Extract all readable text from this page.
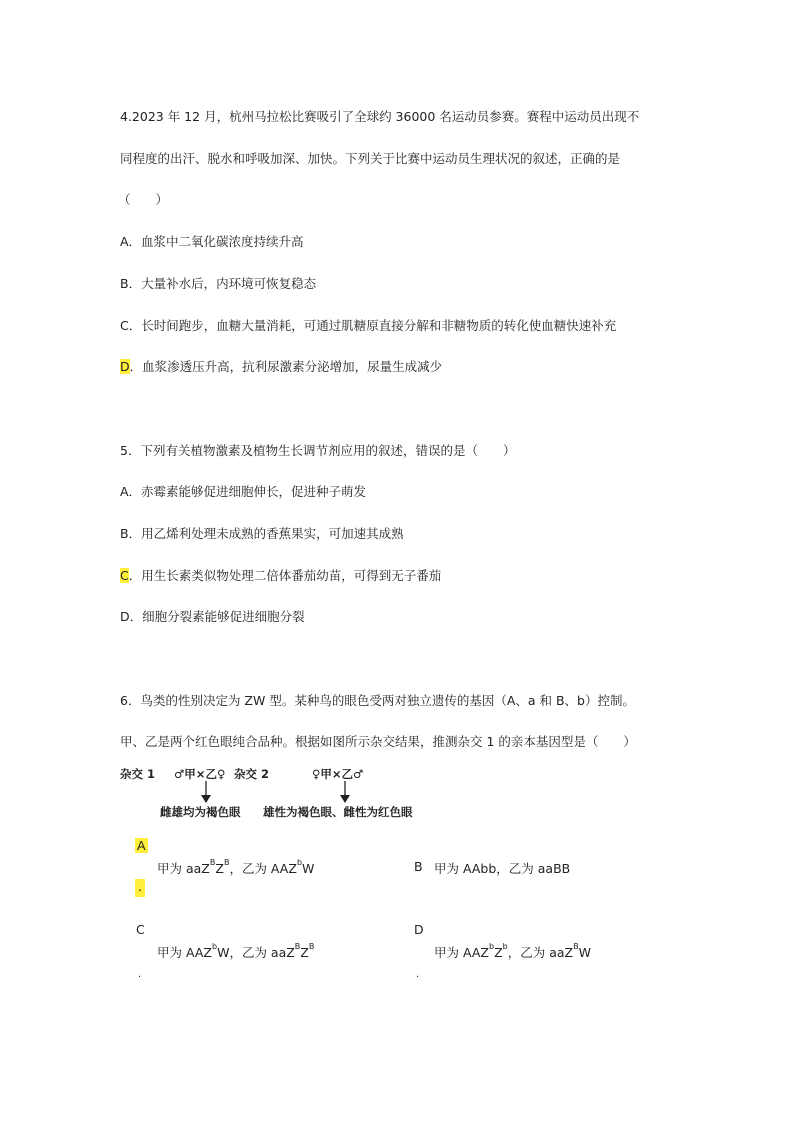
4.2023 年 12 月，杭州马拉松比赛吸引了全球约 36000 名运动员参赛。赛程中运动员出现不
同程度的出汗、脱水和呼吸加深、加快。下列关于比赛中运动员生理状况的叙述，正确的是
（　　）
A．血浆中二氧化碳浓度持续升高
B．大量补水后，内环境可恢复稳态
C．长时间跑步，血糖大量消耗，可通过肌糖原直接分解和非糖物质的转化使血糖快速补充
D．血浆渗透压升高，抗利尿激素分泌增加，尿量生成减少
5．下列有关植物激素及植物生长调节剂应用的叙述，错误的是（　　）
A．赤霉素能够促进细胞伸长，促进种子萌发
B．用乙烯利处理未成熟的香蕉果实，可加速其成熟
C．用生长素类似物处理二倍体番茄幼苗，可得到无子番茄
D．细胞分裂素能够促进细胞分裂
6．鸟类的性别决定为 ZW 型。某种鸟的眼色受两对独立遗传的基因（A、a 和 B、b）控制。
甲、乙是两个红色眼纯合品种。根据如图所示杂交结果，推测杂交 1 的亲本基因型是（　　）
杂交 1 ♂甲×乙♀ 杂交 2	♀甲×乙♂
雌雄均为褐色眼 雄性为褐色眼、雌性为红色眼
A
.
甲为 $aaZ^BZ^B$，乙为 AAZ$^b$W	B 甲为 AAbb，乙为 aaBB
C
甲为 AAZ$^b$W，乙为 $aaZ^BZ^B$
.
D
甲为 $AAZ^bZ^b$，乙为 aaZ$^B$W
.
